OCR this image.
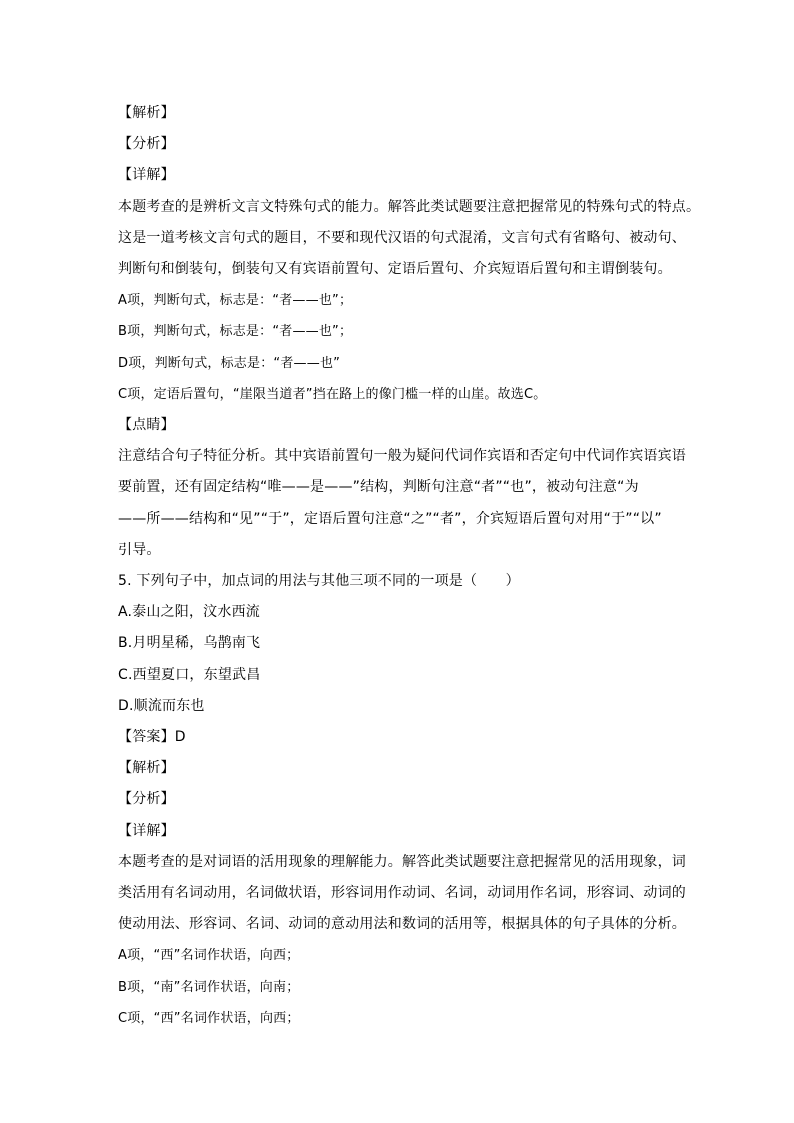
【解析】
【分析】
【详解】
本题考查的是辨析文言文特殊句式的能力。解答此类试题要注意把握常见的特殊句式的特点。
这是一道考核文言句式的题目，不要和现代汉语的句式混淆，文言句式有省略句、被动句、
判断句和倒装句，倒装句又有宾语前置句、定语后置句、介宾短语后置句和主谓倒装句。
A项，判断句式，标志是：“者——也”；
B项，判断句式，标志是：“者——也”；
D项，判断句式，标志是：“者——也”
C项，定语后置句，“崖限当道者”挡在路上的像门槛一样的山崖。故选C。
【点睛】
注意结合句子特征分析。其中宾语前置句一般为疑问代词作宾语和否定句中代词作宾语宾语
要前置，还有固定结构“唯——是——”结构，判断句注意“者”“也”，被动句注意“为
——所——结构和“见”“于”，定语后置句注意“之”“者”，介宾短语后置句对用“于”“以”
引导。
5. 下列句子中，加点词的用法与其他三项不同的一项是（　　）
A.泰山之阳，汶水西流
B.月明星稀，乌鹊南飞
C.西望夏口，东望武昌
D.顺流而东也
【答案】D
【解析】
【分析】
【详解】
本题考查的是对词语的活用现象的理解能力。解答此类试题要注意把握常见的活用现象，词
类活用有名词动用，名词做状语，形容词用作动词、名词，动词用作名词，形容词、动词的
使动用法、形容词、名词、动词的意动用法和数词的活用等，根据具体的句子具体的分析。
A项，“西”名词作状语，向西；
B项，“南”名词作状语，向南；
C项，“西”名词作状语，向西；
